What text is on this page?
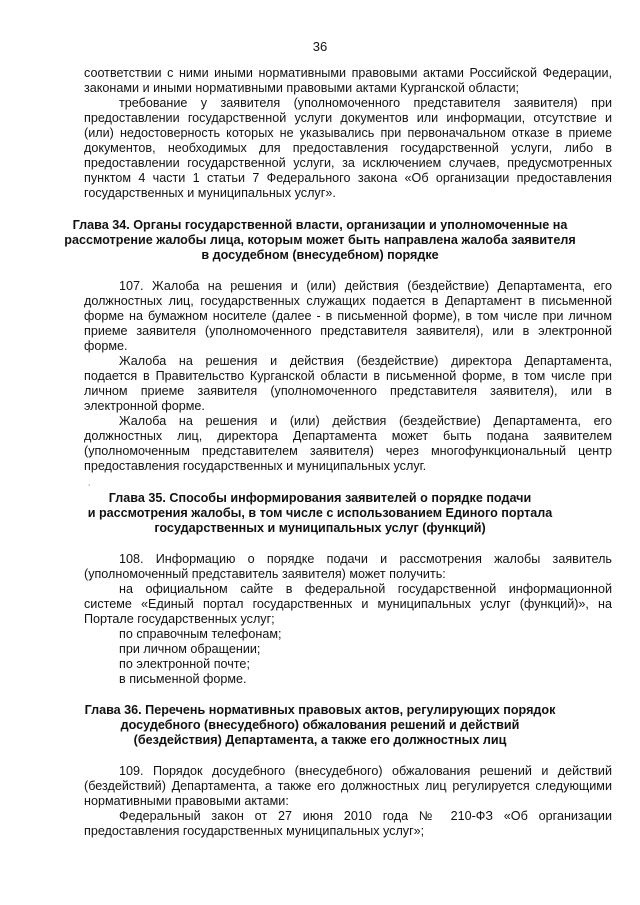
36
соответствии с ними иными нормативными правовыми актами Российской Федерации,
законами и иными нормативными правовыми актами Курганской области;
требование у заявителя (уполномоченного представителя заявителя) при
предоставлении государственной услуги документов или информации, отсутствие и
(или) недостоверность которых не указывались при первоначальном отказе в приеме
документов, необходимых для предоставления государственной услуги, либо в
предоставлении государственной услуги, за исключением случаев, предусмотренных
пунктом 4 части 1 статьи 7 Федерального закона «Об организации предоставления
государственных и муниципальных услуг».
Глава 34. Органы государственной власти, организации и уполномоченные на
рассмотрение жалобы лица, которым может быть направлена жалоба заявителя
в досудебном (внесудебном) порядке
107. Жалоба на решения и (или) действия (бездействие) Департамента, его
должностных лиц, государственных служащих подается в Департамент в письменной
форме на бумажном носителе (далее - в письменной форме), в том числе при личном
приеме заявителя (уполномоченного представителя заявителя), или в электронной
форме.
Жалоба на решения и действия (бездействие) директора Департамента,
подается в Правительство Курганской области в письменной форме, в том числе при
личном приеме заявителя (уполномоченного представителя заявителя), или в
электронной форме.
Жалоба на решения и (или) действия (бездействие) Департамента, его
должностных лиц, директора Департамента может быть подана заявителем
(уполномоченным представителем заявителя) через многофункциональный центр
предоставления государственных и муниципальных услуг.
˙
Глава 35. Способы информирования заявителей о порядке подачи
и рассмотрения жалобы, в том числе с использованием Единого портала
государственных и муниципальных услуг (функций)
108. Информацию о порядке подачи и рассмотрения жалобы заявитель
(уполномоченный представитель заявителя) может получить:
на официальном сайте в федеральной государственной информационной
системе «Единый портал государственных и муниципальных услуг (функций)», на
Портале государственных услуг;
по справочным телефонам;
при личном обращении;
по электронной почте;
в письменной форме.
Глава 36. Перечень нормативных правовых актов, регулирующих порядок
досудебного (внесудебного) обжалования решений и действий
(бездействия) Департамента, а также его должностных лиц
109. Порядок досудебного (внесудебного) обжалования решений и действий
(бездействий) Департамента, а также его должностных лиц регулируется следующими
нормативными правовыми актами:
Федеральный закон от 27 июня 2010 года № 210-ФЗ «Об организации
предоставления государственных муниципальных услуг»;
